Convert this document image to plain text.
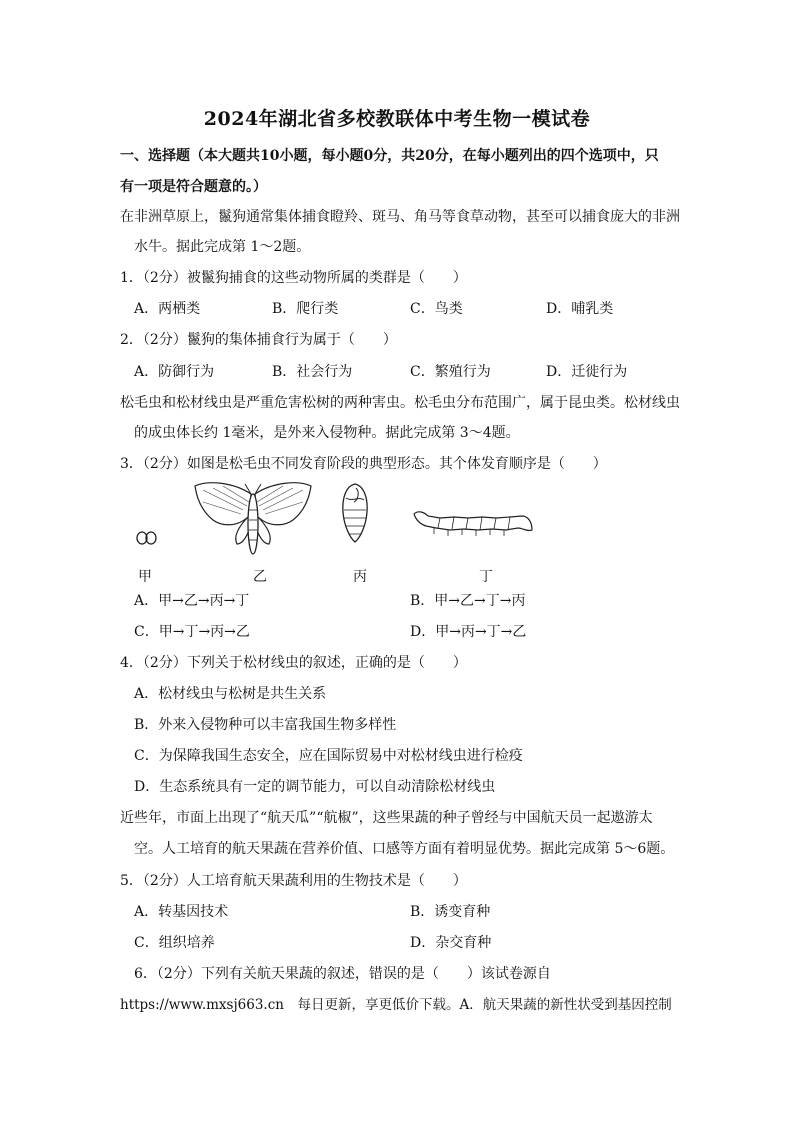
2024年湖北省多校教联体中考生物一模试卷
一、选择题（本大题共10小题，每小题0分，共20分，在每小题列出的四个选项中，只
有一项是符合题意的。）
在非洲草原上，鬣狗通常集体捕食瞪羚、斑马、角马等食草动物，甚至可以捕食庞大的非洲
水牛。据此完成第 1～2题。
1．（2分）被鬣狗捕食的这些动物所属的类群是（　　）
A．两栖类	B．爬行类	C．鸟类	D．哺乳类
2．（2分）鬣狗的集体捕食行为属于（　　）
A．防御行为	B．社会行为	C．繁殖行为	D．迁徙行为
松毛虫和松材线虫是严重危害松树的两种害虫。松毛虫分布范围广，属于昆虫类。松材线虫
的成虫体长约 1毫米，是外来入侵物种。据此完成第 3～4题。
3．（2分）如图是松毛虫不同发育阶段的典型形态。其个体发育顺序是（　　）
甲	乙	丙	丁
A．甲→乙→丙→丁	B．甲→乙→丁→丙
C．甲→丁→丙→乙	D．甲→丙→丁→乙
4．（2分）下列关于松材线虫的叙述，正确的是（　　）
A．松材线虫与松树是共生关系
B．外来入侵物种可以丰富我国生物多样性
C．为保障我国生态安全，应在国际贸易中对松材线虫进行检疫
D．生态系统具有一定的调节能力，可以自动清除松材线虫
近些年，市面上出现了“航天瓜”“航椒”，这些果蔬的种子曾经与中国航天员一起遨游太
空。人工培育的航天果蔬在营养价值、口感等方面有着明显优势。据此完成第 5～6题。
5．（2分）人工培育航天果蔬利用的生物技术是（　　）
A．转基因技术	B．诱变育种
C．组织培养	D．杂交育种
6．（2分）下列有关航天果蔬的叙述，错误的是（　　）该试卷源自
https://www.mxsj663.cn　每日更新，享更低价下载。A．航天果蔬的新性状受到基因控制
